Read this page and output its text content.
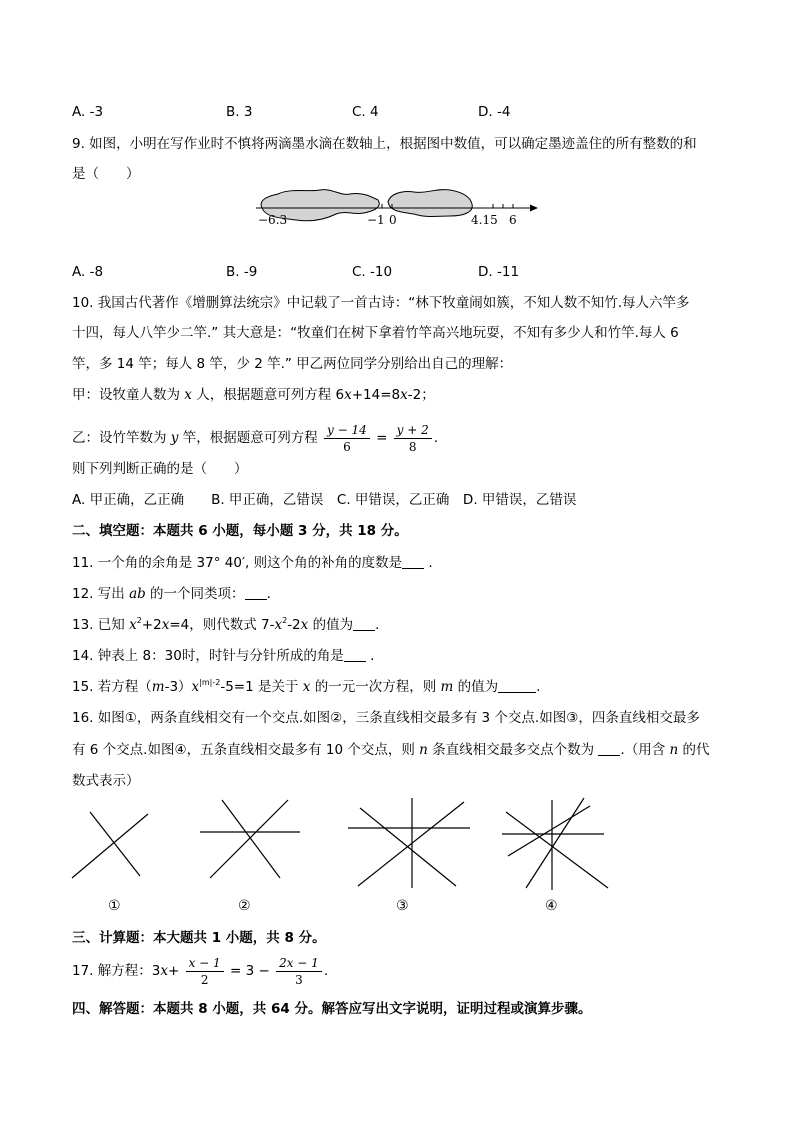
A. -3	B. 3	C. 4	D. -4
9. 如图，小明在写作业时不慎将两滴墨水滴在数轴上，根据图中数值，可以确定墨迹盖住的所有整数的和
是（　　）
−6.3	−1 0	4.15 6
A. -8	B. -9	C. -10	D. -11
10. 我国古代著作《增删算法统宗》中记载了一首古诗：“林下牧童闹如簇，不知人数不知竹.每人六竿多
十四，每人八竿少二竿.” 其大意是：“牧童们在树下拿着竹竿高兴地玩耍，不知有多少人和竹竿.每人 6
竿，多 14 竿；每人 8 竿，少 2 竿.” 甲乙两位同学分别给出自己的理解：
甲：设牧童人数为 x 人，根据题意可列方程 6x+14=8x-2；
乙：设竹竿数为 y 竿，根据题意可列方程 $\frac{y - 14}{6} = \frac{y + 2}{8}$ .
则下列判断正确的是（　　）
A. 甲正确，乙正确　　B. 甲正确，乙错误　C. 甲错误，乙正确　D. 甲错误，乙错误
二、填空题：本题共 6 小题，每小题 3 分，共 18 分。
11. 一个角的余角是 37° 40′, 则这个角的补角的度数是 .
12. 写出 ab 的一个同类项： .
13. 已知 $x^2+2x=4$，则代数式 $7-x^2-2x$ 的值为 .
14. 钟表上 8：30时，时针与分针所成的角是 .
15. 若方程$(m-3)x^{|m|-2}-5=1$ 是关于 x 的一元一次方程，则 m 的值为	.
16. 如图①，两条直线相交有一个交点.如图②，三条直线相交最多有 3 个交点.如图③，四条直线相交最多
有 6 个交点.如图④，五条直线相交最多有 10 个交点，则 n 条直线相交最多交点个数为 .（用含 n 的代
数式表示）
①	②	③	④
三、计算题：本大题共 1 小题，共 8 分。
17. 解方程：$3x+ \frac{x - 1}{2} = 3 - \frac{2x - 1}{3}$ .
四、解答题：本题共 8 小题，共 64 分。解答应写出文字说明，证明过程或演算步骤。
